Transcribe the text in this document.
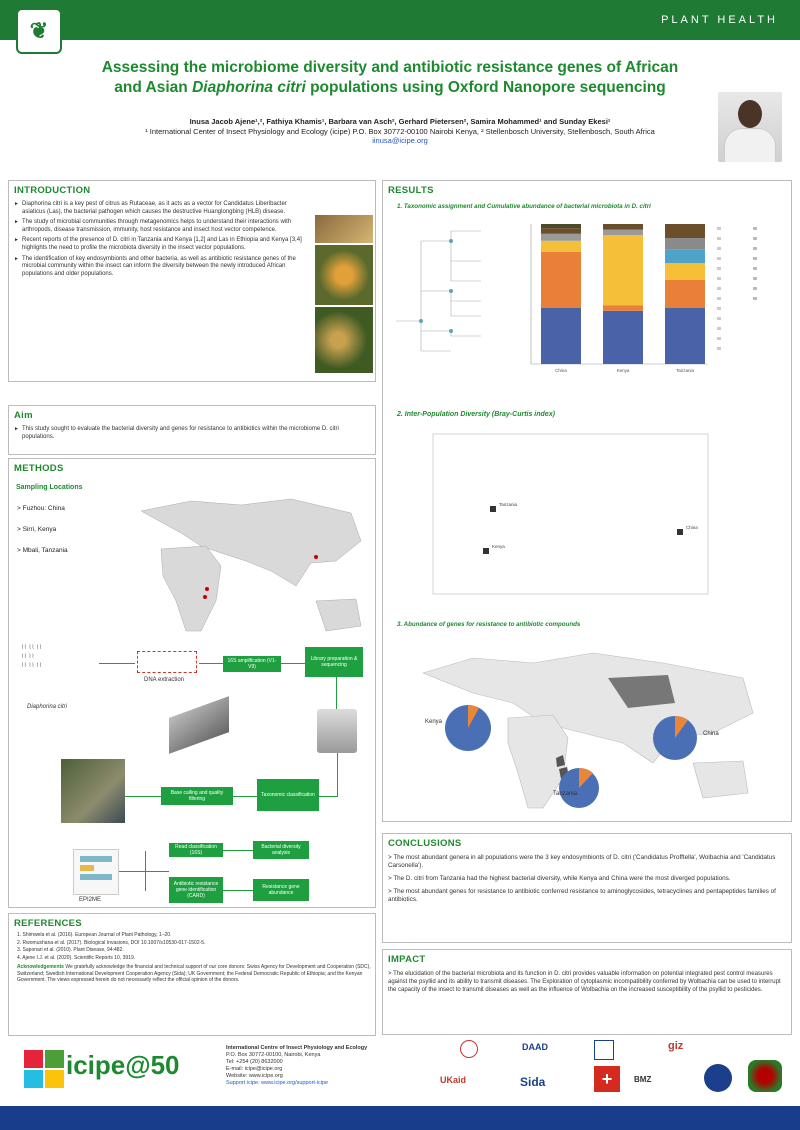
❦	PLANT HEALTH
Assessing the microbiome diversity and antibiotic resistance genes of African
and Asian Diaphorina citri populations using Oxford Nanopore sequencing
Inusa Jacob Ajene¹,², Fathiya Khamis¹, Barbara van Asch², Gerhard Pietersen², Samira Mohammed¹ and Sunday Ekesi¹
¹ International Center of Insect Physiology and Ecology (icipe) P.O. Box 30772-00100 Nairobi Kenya, ² Stellenbosch University, Stellenbosch, South Africa
iinusa@icipe.org
INTRODUCTION
► Diaphorina citri is a key pest of citrus as Rutaceae, as it acts as a vector for Candidatus Liberibacter asiaticus (Las), the bacterial pathogen which causes the destructive Huanglongbing (HLB) disease.
► The study of microbial communities through metagenomics helps to understand their interactions with arthropods, disease transmission, immunity, host resistance and insect host vector competence.
► Recent reports of the presence of D. citri in Tanzania and Kenya [1,2] and Las in Ethiopia and Kenya [3,4] highlights the need to profile the microbiota diversity in the insect vector populations.
► The identification of key endosymbionts and other bacteria, as well as antibiotic resistance genes of the microbial community within the insect can inform the diversity between the newly introduced African populations and older populations.
Aim
► This study sought to evaluate the bacterial diversity and genes for resistance to antibiotics within the microbiome D. citri populations.
METHODS
Sampling Locations
> Fuzhou: China
> Sirri, Kenya
> Mbali, Tanzania
⌇⌇ ⌇⌇ ⌇⌇
⌇⌇ ⌇⌇
⌇⌇ ⌇⌇ ⌇⌇
Diaphorina citri
DNA extraction
16S amplification (V1-V9)
Library preparation & sequencing
Base calling and quality filtering
Taxonomic classification
EPI2ME
Read classification (16S)
Antibiotic resistance gene identification (CARD)
Bacterial diversity analysis
Resistance gene abundance
REFERENCES
1. Shimwela et al. (2016). European Journal of Plant Pathology, 1–20.
2. Rwomushana et al. (2017). Biological Invasions, DOI 10.1007/s10530-017-1502-5.
3. Saponari et al. (2010). Plant Disease, 94:482.
4. Ajene I.J. et al. (2020). Scientific Reports 10, 3919.
Acknowledgements We gratefully acknowledge the financial and technical support of our core donors: Swiss Agency for Development and Cooperation (SDC), Switzerland; Swedish International Development Cooperation Agency (Sida); UK Government; the Federal Democratic Republic of Ethiopia; and the Kenyan Government. The views expressed herein do not necessarily reflect the official opinion of the donors.
RESULTS
1. Taxonomic assignment and Cumulative abundance of bacterial microbiota in D. citri
China	Kenya	Tanzania
2. Inter-Population Diversity (Bray-Curtis index)
Tanzania
China
Kenya
3. Abundance of genes for resistance to antibiotic compounds
Kenya
China
Tanzania
CONCLUSIONS
> The most abundant genera in all populations were the 3 key endosymbionts of D. citri ('Candidatus Profftella', Wolbachia and 'Candidatus Carsonella').
> The D. citri from Tanzania had the highest bacterial diversity, while Kenya and China were the most diverged populations.
> The most abundant genes for resistance to antibiotic conferred resistance to aminoglycosides, tetracyclines and pentapeptides families of antibiotics.
IMPACT
> The elucidation of the bacterial microbiota and its function in D. citri provides valuable information on potential integrated pest control measures against the psyllid and its ability to transmit diseases. The Exploration of cytoplasmic incompatibility conferred by Wolbachia can be used to interrupt the capacity of the insect to transmit diseases as well as the influence of Wolbachia on the increased susceptibility of the psyllid to pesticides.
icipe@50
International Centre of Insect Physiology and Ecology
P.O. Box 30772-00100, Nairobi, Kenya
Tel: +254 (20) 8632000
E-mail: icipe@icipe.org
Website: www.icipe.org
Support icipe: www.icipe.org/support-icipe
DAAD	giz
UKaid	Sida	+	BMZ
